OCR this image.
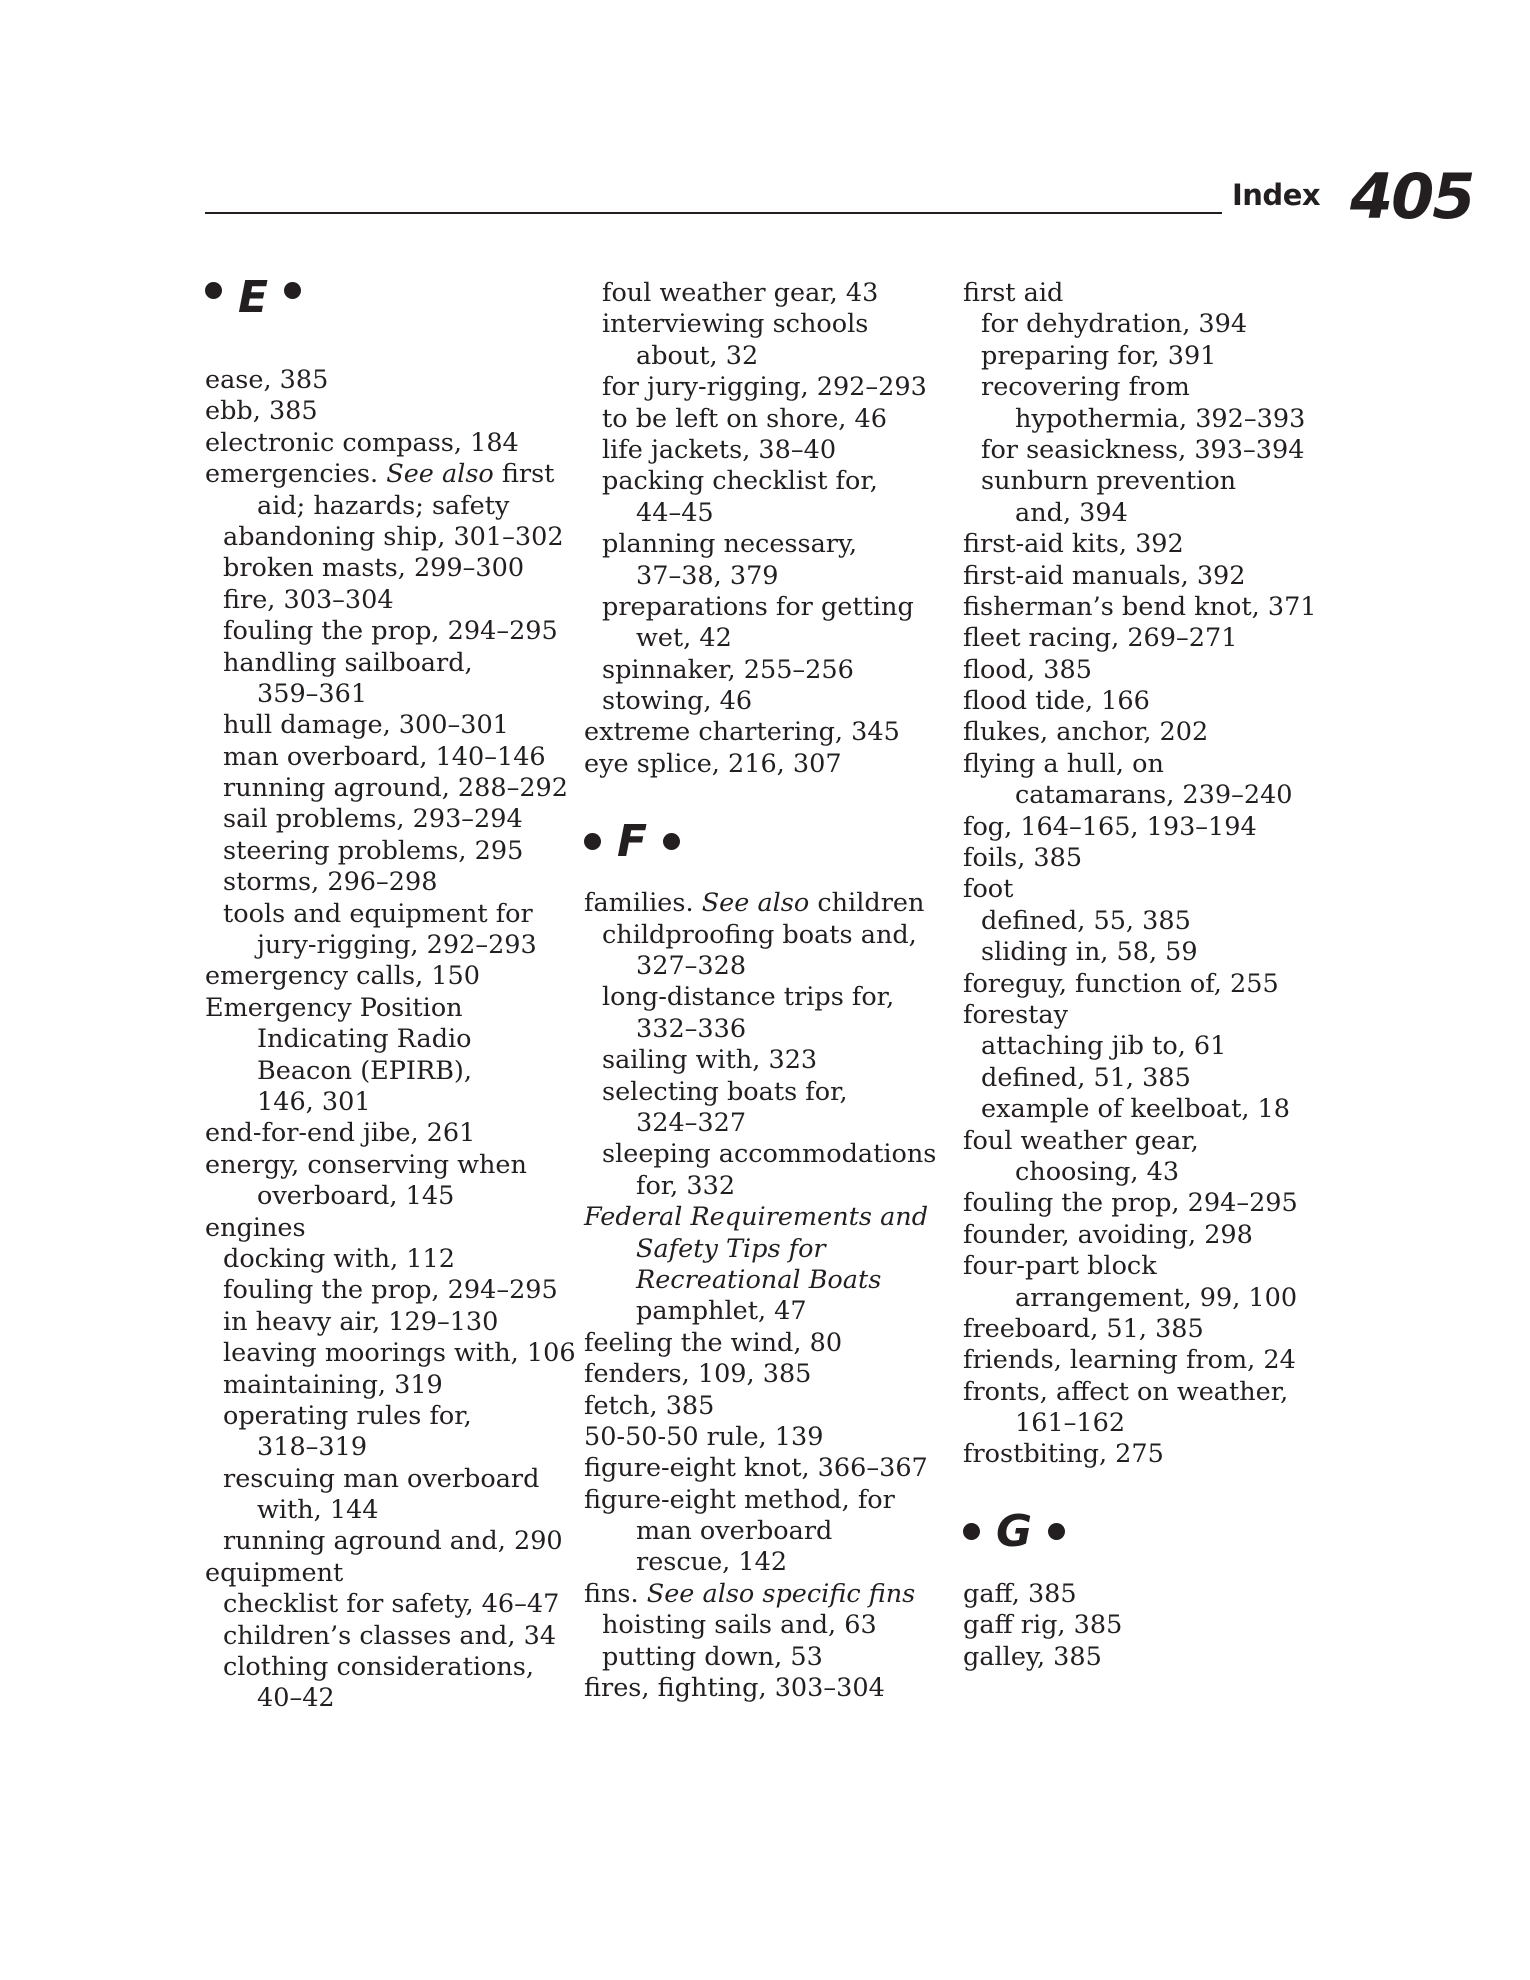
Index 405
E
ease, 385
ebb, 385
electronic compass, 184
emergencies. See also first
aid; hazards; safety
abandoning ship, 301–302
broken masts, 299–300
fire, 303–304
fouling the prop, 294–295
handling sailboard,
359–361
hull damage, 300–301
man overboard, 140–146
running aground, 288–292
sail problems, 293–294
steering problems, 295
storms, 296–298
tools and equipment for
jury-rigging, 292–293
emergency calls, 150
Emergency Position
Indicating Radio
Beacon (EPIRB),
146, 301
end-for-end jibe, 261
energy, conserving when
overboard, 145
engines
docking with, 112
fouling the prop, 294–295
in heavy air, 129–130
leaving moorings with, 106
maintaining, 319
operating rules for,
318–319
rescuing man overboard
with, 144
running aground and, 290
equipment
checklist for safety, 46–47
children’s classes and, 34
clothing considerations,
40–42
foul weather gear, 43
interviewing schools
about, 32
for jury-rigging, 292–293
to be left on shore, 46
life jackets, 38–40
packing checklist for,
44–45
planning necessary,
37–38, 379
preparations for getting
wet, 42
spinnaker, 255–256
stowing, 46
extreme chartering, 345
eye splice, 216, 307
F
families. See also children
childproofing boats and,
327–328
long-distance trips for,
332–336
sailing with, 323
selecting boats for,
324–327
sleeping accommodations
for, 332
Federal Requirements and
Safety Tips for
Recreational Boats
pamphlet, 47
feeling the wind, 80
fenders, 109, 385
fetch, 385
50-50-50 rule, 139
figure-eight knot, 366–367
figure-eight method, for
man overboard
rescue, 142
fins. See also specific fins
hoisting sails and, 63
putting down, 53
fires, fighting, 303–304
first aid
for dehydration, 394
preparing for, 391
recovering from
hypothermia, 392–393
for seasickness, 393–394
sunburn prevention
and, 394
first-aid kits, 392
first-aid manuals, 392
fisherman’s bend knot, 371
fleet racing, 269–271
flood, 385
flood tide, 166
flukes, anchor, 202
flying a hull, on
catamarans, 239–240
fog, 164–165, 193–194
foils, 385
foot
defined, 55, 385
sliding in, 58, 59
foreguy, function of, 255
forestay
attaching jib to, 61
defined, 51, 385
example of keelboat, 18
foul weather gear,
choosing, 43
fouling the prop, 294–295
founder, avoiding, 298
four-part block
arrangement, 99, 100
freeboard, 51, 385
friends, learning from, 24
fronts, affect on weather,
161–162
frostbiting, 275
G
gaff, 385
gaff rig, 385
galley, 385
